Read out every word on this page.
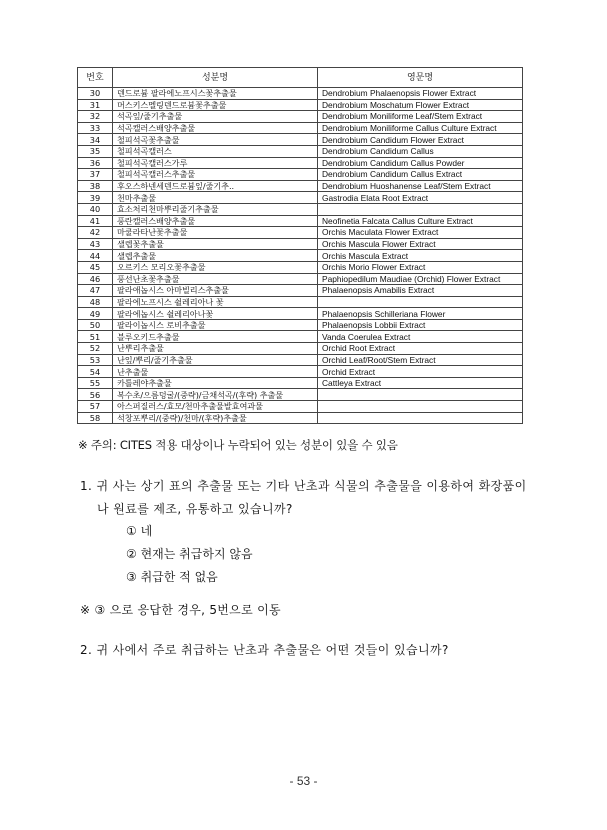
번호	성분명	영문명
30	덴드로븀 팔라에노프시스꽃추출물	Dendrobium Phalaenopsis Flower Extract
31	머스키스멜링덴드로븀꽃추출물	Dendrobium Moschatum Flower Extract
32	석곡잎/줄기추출물	Dendrobium Moniliforme Leaf/Stem Extract
33	석곡캘러스배양추출물	Dendrobium Moniliforme Callus Culture Extract
34	철피석곡꽃추출물	Dendrobium Candidum Flower Extract
35	철피석곡캘러스	Dendrobium Candidum Callus
36	철피석곡캘러스가루	Dendrobium Candidum Callus Powder
37	철피석곡캘러스추출물	Dendrobium Candidum Callus Extract
38	후오스하넨세덴드로븀잎/줄기추..	Dendrobium Huoshanense Leaf/Stem Extract
39	천마추출물	Gastrodia Elata Root Extract
40	효소처리천마뿌리줄기추출물	
41	풍란캘러스배양추출물	Neofinetia Falcata Callus Culture Extract
42	마쿨라타난꽃추출물	Orchis Maculata Flower Extract
43	샐렙꽃추출물	Orchis Mascula Flower Extract
44	샐렙추출물	Orchis Mascula Extract
45	오르키스 모리오꽃추출물	Orchis Morio Flower Extract
46	풍선난초꽃추출물	Paphiopedilum Maudiae (Orchid) Flower Extract
47	팔라애놉시스 아마빌리스추출물	Phalaenopsis Amabilis Extract
48	팔라에노프시스 쉴레리아나 꽃	
49	팔라에놉시스 쉴레리아나꽃	Phalaenopsis Schilleriana Flower
50	팔라이놉시스 로비추출물	Phalaenopsis Lobbii Extract
51	블루오키드추출물	Vanda Coerulea Extract
52	난뿌리추출물	Orchid Root Extract
53	난잎/뿌리/줄기추출물	Orchid Leaf/Root/Stem Extract
54	난추출물	Orchid Extract
55	카틀레야추출물	Cattleya Extract
56	복수초/으름덩굴/(중략)/금채석곡/(후략) 추출물	
57	아스퍼질러스/효모/천마추출물발효여과물	
58	석창포뿌리/(중략)/천마/(후략)추출물	
※ 주의: CITES 적용 대상이나 누락되어 있는 성분이 있을 수 있음
1. 귀 사는 상기 표의 추출물 또는 기타 난초과 식물의 추출물을 이용하여 화장품이
나 원료를 제조, 유통하고 있습니까?
① 네
② 현재는 취급하지 않음
③ 취급한 적 없음
※ ③ 으로 응답한 경우, 5번으로 이동
2. 귀 사에서 주로 취급하는 난초과 추출물은 어떤 것들이 있습니까?
- 53 -
